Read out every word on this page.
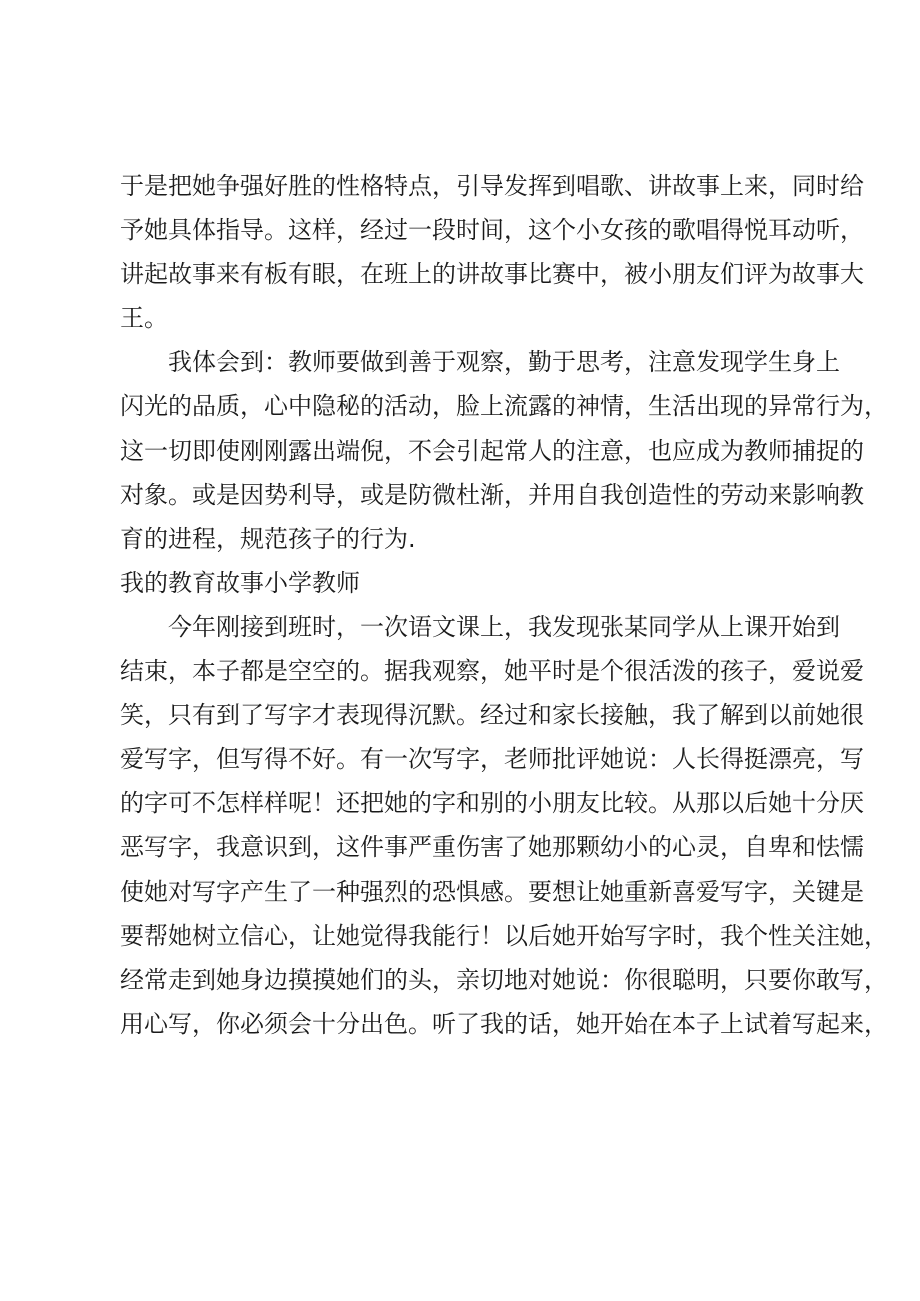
于是把她争强好胜的性格特点，引导发挥到唱歌、讲故事上来，同时给
予她具体指导。这样，经过一段时间，这个小女孩的歌唱得悦耳动听，
讲起故事来有板有眼，在班上的讲故事比赛中，被小朋友们评为故事大
王。
我体会到：教师要做到善于观察，勤于思考，注意发现学生身上
闪光的品质，心中隐秘的活动，脸上流露的神情，生活出现的异常行为，
这一切即使刚刚露出端倪，不会引起常人的注意，也应成为教师捕捉的
对象。或是因势利导，或是防微杜渐，并用自我创造性的劳动来影响教
育的进程，规范孩子的行为.
我的教育故事小学教师
今年刚接到班时，一次语文课上，我发现张某同学从上课开始到
结束，本子都是空空的。据我观察，她平时是个很活泼的孩子，爱说爱
笑，只有到了写字才表现得沉默。经过和家长接触，我了解到以前她很
爱写字，但写得不好。有一次写字，老师批评她说：人长得挺漂亮，写
的字可不怎样样呢！还把她的字和别的小朋友比较。从那以后她十分厌
恶写字，我意识到，这件事严重伤害了她那颗幼小的心灵，自卑和怯懦
使她对写字产生了一种强烈的恐惧感。要想让她重新喜爱写字，关键是
要帮她树立信心，让她觉得我能行！以后她开始写字时，我个性关注她，
经常走到她身边摸摸她们的头，亲切地对她说：你很聪明，只要你敢写，
用心写，你必须会十分出色。听了我的话，她开始在本子上试着写起来，
